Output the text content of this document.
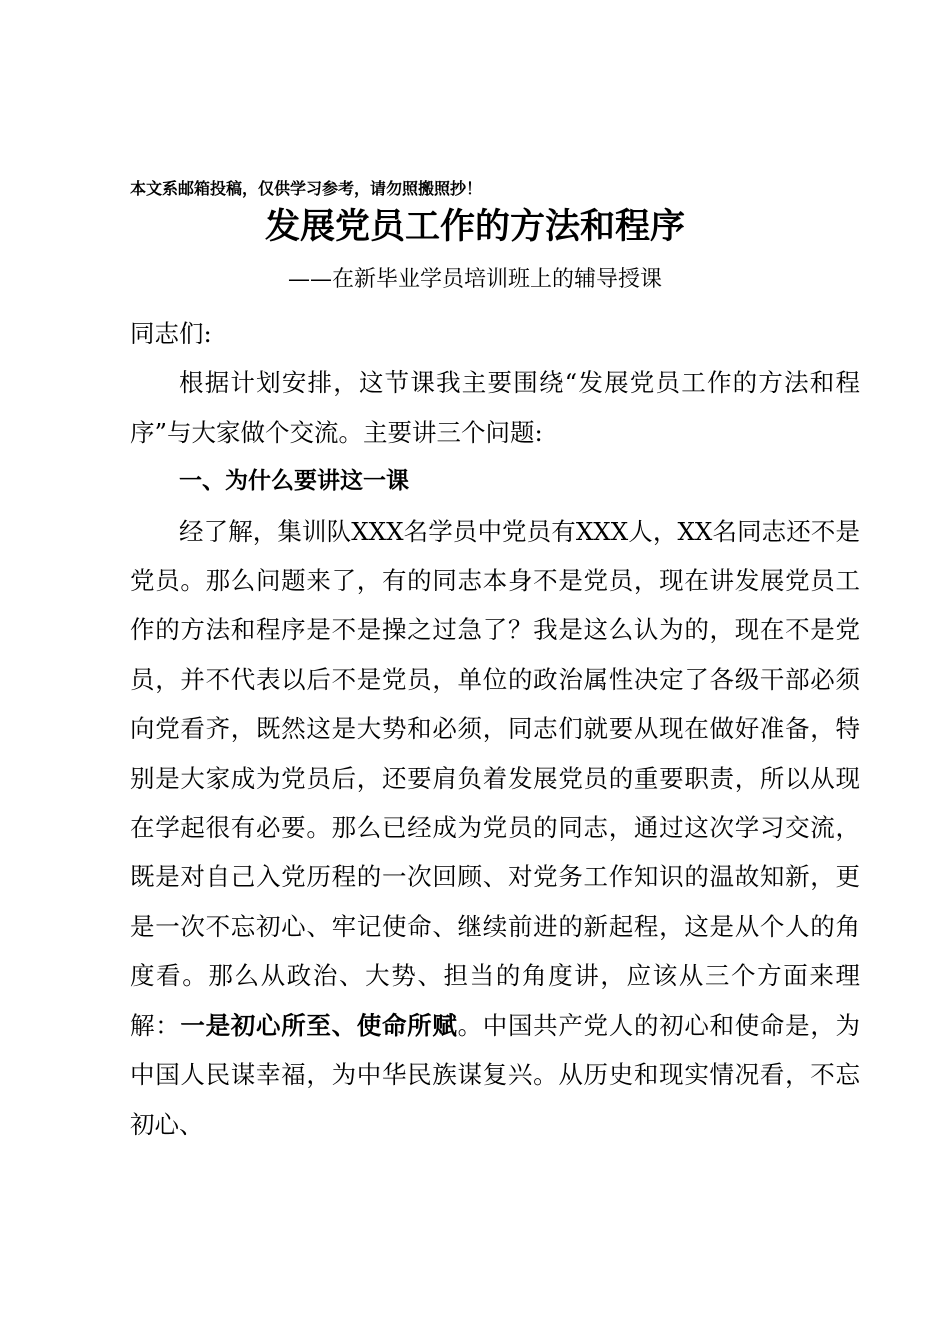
本文系邮箱投稿，仅供学习参考，请勿照搬照抄！
发展党员工作的方法和程序
——在新毕业学员培训班上的辅导授课

同志们:

根据计划安排，这节课我主要围绕“发展党员工作的方法和程序”与大家做个交流。主要讲三个问题:

一、为什么要讲这一课

经了解，集训队XXX名学员中党员有XXX人，XX名同志还不是党员。那么问题来了，有的同志本身不是党员，现在讲发展党员工作的方法和程序是不是操之过急了？我是这么认为的，现在不是党员，并不代表以后不是党员，单位的政治属性决定了各级干部必须向党看齐，既然这是大势和必须，同志们就要从现在做好准备，特别是大家成为党员后，还要肩负着发展党员的重要职责，所以从现在学起很有必要。那么已经成为党员的同志，通过这次学习交流，既是对自己入党历程的一次回顾、对党务工作知识的温故知新，更是一次不忘初心、牢记使命、继续前进的新起程，这是从个人的角度看。那么从政治、大势、担当的角度讲，应该从三个方面来理解：一是初心所至、使命所赋。中国共产党人的初心和使命是，为中国人民谋幸福，为中华民族谋复兴。从历史和现实情况看，不忘初心、
